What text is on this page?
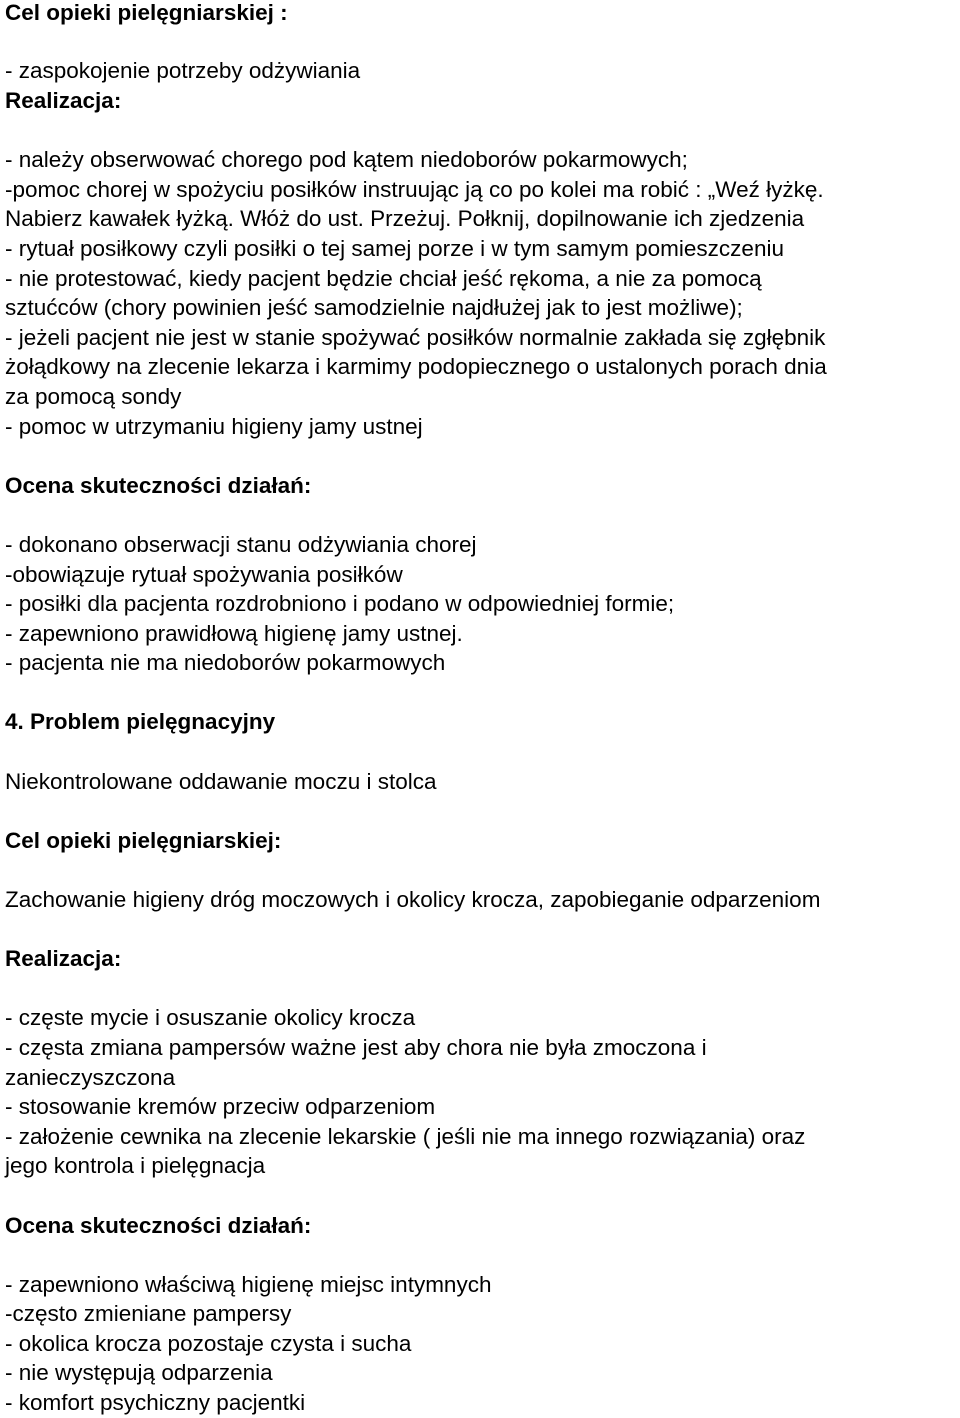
Cel opieki pielęgniarskiej :
- zaspokojenie potrzeby odżywiania
Realizacja:
- należy obserwować chorego pod kątem niedoborów pokarmowych;
-pomoc chorej w spożyciu posiłków instruując ją co po kolei ma robić : „Weź łyżkę.
Nabierz kawałek łyżką. Włóż do ust. Przeżuj. Połknij, dopilnowanie ich zjedzenia
- rytuał posiłkowy czyli posiłki o tej samej porze i w tym samym pomieszczeniu
- nie protestować, kiedy pacjent będzie chciał jeść rękoma, a nie za pomocą
sztućców (chory powinien jeść samodzielnie najdłużej jak to jest możliwe);
- jeżeli pacjent nie jest w stanie spożywać posiłków normalnie zakłada się zgłębnik
żołądkowy na zlecenie lekarza i karmimy podopiecznego o ustalonych porach dnia
za pomocą sondy
- pomoc w utrzymaniu higieny jamy ustnej
Ocena skuteczności działań:
- dokonano obserwacji stanu odżywiania chorej
-obowiązuje rytuał spożywania posiłków
- posiłki dla pacjenta rozdrobniono i podano w odpowiedniej formie;
- zapewniono prawidłową higienę jamy ustnej.
- pacjenta nie ma niedoborów pokarmowych
4. Problem pielęgnacyjny
Niekontrolowane oddawanie moczu i stolca
Cel opieki pielęgniarskiej:
Zachowanie higieny dróg moczowych i okolicy krocza, zapobieganie odparzeniom
Realizacja:
- częste mycie i osuszanie okolicy krocza
- częsta zmiana pampersów ważne jest aby chora nie była zmoczona i
zanieczyszczona
- stosowanie kremów przeciw odparzeniom
- założenie cewnika na zlecenie lekarskie ( jeśli nie ma innego rozwiązania) oraz
jego kontrola i pielęgnacja
Ocena skuteczności działań:
- zapewniono właściwą higienę miejsc intymnych
-często zmieniane pampersy
- okolica krocza pozostaje czysta i sucha
- nie występują odparzenia
- komfort psychiczny pacjentki
